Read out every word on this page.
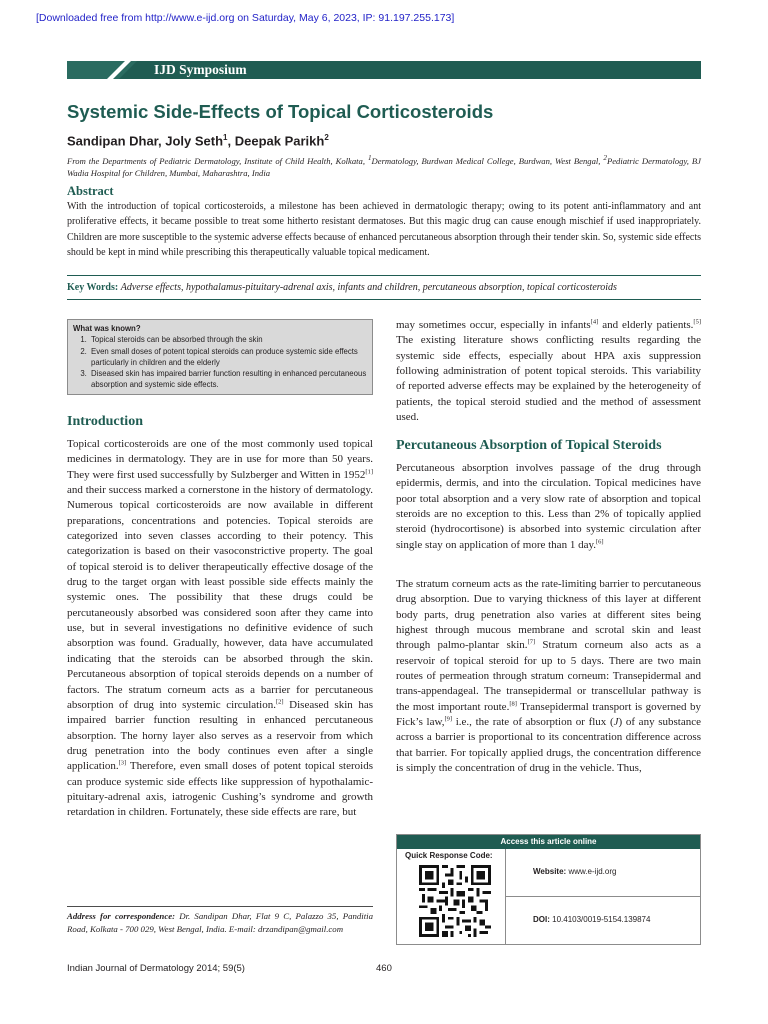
[Downloaded free from http://www.e-ijd.org on Saturday, May 6, 2023, IP: 91.197.255.173]
IJD Symposium
Systemic Side-Effects of Topical Corticosteroids
Sandipan Dhar, Joly Seth$^1$, Deepak Parikh$^2$
From the Departments of Pediatric Dermatology, Institute of Child Health, Kolkata, $^1$Dermatology, Burdwan Medical College, Burdwan, West Bengal, $^2$Pediatric Dermatology, BJ Wadia Hospital for Children, Mumbai, Maharashtra, India
Abstract
With the introduction of topical corticosteroids, a milestone has been achieved in dermatologic therapy; owing to its potent anti-inflammatory and ant proliferative effects, it became possible to treat some hitherto resistant dermatoses. But this magic drug can cause enough mischief if used inappropriately. Children are more susceptible to the systemic adverse effects because of enhanced percutaneous absorption through their tender skin. So, systemic side effects should be kept in mind while prescribing this therapeutically valuable topical medicament.
Key Words: Adverse effects, hypothalamus-pituitary-adrenal axis, infants and children, percutaneous absorption, topical corticosteroids
What was known?
1. Topical steroids can be absorbed through the skin
2. Even small doses of potent topical steroids can produce systemic side effects particularly in children and the elderly
3. Diseased skin has impaired barrier function resulting in enhanced percutaneous absorption and systemic side effects.
Introduction
Topical corticosteroids are one of the most commonly used topical medicines in dermatology. They are in use for more than 50 years. They were first used successfully by Sulzberger and Witten in 1952[1] and their success marked a cornerstone in the history of dermatology. Numerous topical corticosteroids are now available in different preparations, concentrations and potencies. Topical steroids are categorized into seven classes according to their potency. This categorization is based on their vasoconstrictive property. The goal of topical steroid is to deliver therapeutically effective dosage of the drug to the target organ with least possible side effects mainly the systemic ones. The possibility that these drugs could be percutaneously absorbed was considered soon after they came into use, but in several investigations no definitive evidence of such absorption was found. Gradually, however, data have accumulated indicating that the steroids can be absorbed through the skin. Percutaneous absorption of topical steroids depends on a number of factors. The stratum corneum acts as a barrier for percutaneous absorption of drug into systemic circulation.[2] Diseased skin has impaired barrier function resulting in enhanced percutaneous absorption. The horny layer also serves as a reservoir from which drug penetration into the body continues even after a single application.[3] Therefore, even small doses of potent topical steroids can produce systemic side effects like suppression of hypothalamic-pituitary-adrenal axis, iatrogenic Cushing’s syndrome and growth retardation in children. Fortunately, these side effects are rare, but
Address for correspondence: Dr. Sandipan Dhar, Flat 9 C, Palazzo 35, Panditia Road, Kolkata - 700 029, West Bengal, India. E-mail: drzandipan@gmail.com
may sometimes occur, especially in infants[4] and elderly patients.[5] The existing literature shows conflicting results regarding the systemic side effects, especially about HPA axis suppression following administration of potent topical steroids. This variability of reported adverse effects may be explained by the heterogeneity of patients, the topical steroid studied and the method of assessment used.
Percutaneous Absorption of Topical Steroids
Percutaneous absorption involves passage of the drug through epidermis, dermis, and into the circulation. Topical medicines have poor total absorption and a very slow rate of absorption and topical steroids are no exception to this. Less than 2% of topically applied steroid (hydrocortisone) is absorbed into systemic circulation after single stay on application of more than 1 day.[6]
The stratum corneum acts as the rate-limiting barrier to percutaneous drug absorption. Due to varying thickness of this layer at different body parts, drug penetration also varies at different sites being highest through mucous membrane and scrotal skin and least through palmo-plantar skin.[7] Stratum corneum also acts as a reservoir of topical steroid for up to 5 days. There are two main routes of permeation through stratum corneum: Transepidermal and trans-appendageal. The transepidermal or transcellular pathway is the most important route.[8] Transepidermal transport is governed by Fick’s law,[9] i.e., the rate of absorption or flux (J) of any substance across a barrier is proportional to its concentration difference across that barrier. For topically applied drugs, the concentration difference is simply the concentration of drug in the vehicle. Thus,
Access this article online
Quick Response Code:
Website: www.e-ijd.org
DOI: 10.4103/0019-5154.139874
Indian Journal of Dermatology 2014; 59(5)	460
